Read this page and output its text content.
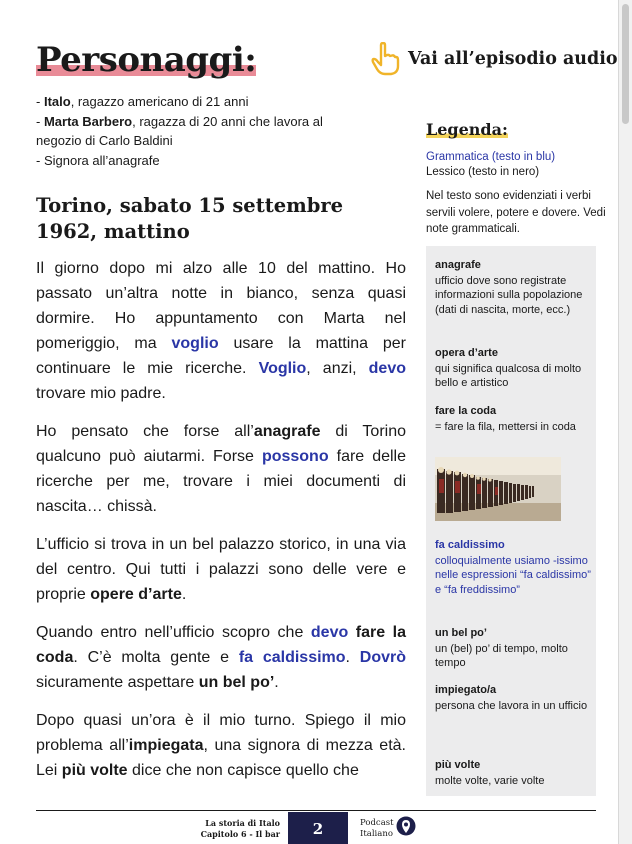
Personaggi:	Vai all’episodio audio
- Italo, ragazzo americano di 21 anni
- Marta Barbero, ragazza di 20 anni che lavora al negozio di Carlo Baldini
- Signora all’anagrafe
Torino, sabato 15 settembre 1962, mattino

Il giorno dopo mi alzo alle 10 del mattino. Ho passato un’altra notte in bianco, senza quasi dormire. Ho appuntamento con Marta nel pomeriggio, ma voglio usare la mattina per continuare le mie ricerche. Voglio, anzi, devo trovare mio padre.

Ho pensato che forse all’anagrafe di Torino qualcuno può aiutarmi. Forse possono fare delle ricerche per me, trovare i miei documenti di nascita… chissà.

L’ufficio si trova in un bel palazzo storico, in una via del centro. Qui tutti i palazzi sono delle vere e proprie opere d’arte.

Quando entro nell’ufficio scopro che devo fare la coda. C’è molta gente e fa caldissimo. Dovrò sicuramente aspettare un bel po’.

Dopo quasi un’ora è il mio turno. Spiego il mio problema all’impiegata, una signora di mezza età. Lei più volte dice che non capisce quello che

Legenda:
Grammatica (testo in blu)
Lessico (testo in nero)
Nel testo sono evidenziati i verbi servili volere, potere e dovere. Vedi note grammaticali.
anagrafe
ufficio dove sono registrate informazioni sulla popolazione (dati di nascita, morte, ecc.)
opera d’arte
qui significa qualcosa di molto bello e artistico
fare la coda
= fare la fila, mettersi in coda
fa caldissimo
colloquialmente usiamo -issimo nelle espressioni “fa caldissimo” e “fa freddissimo”
un bel po’
un (bel) po’ di tempo, molto tempo
impiegato/a
persona che lavora in un ufficio
più volte
molte volte, varie volte
La storia di Italo
Capitolo 6 - Il bar	2	Podcast
Italiano
